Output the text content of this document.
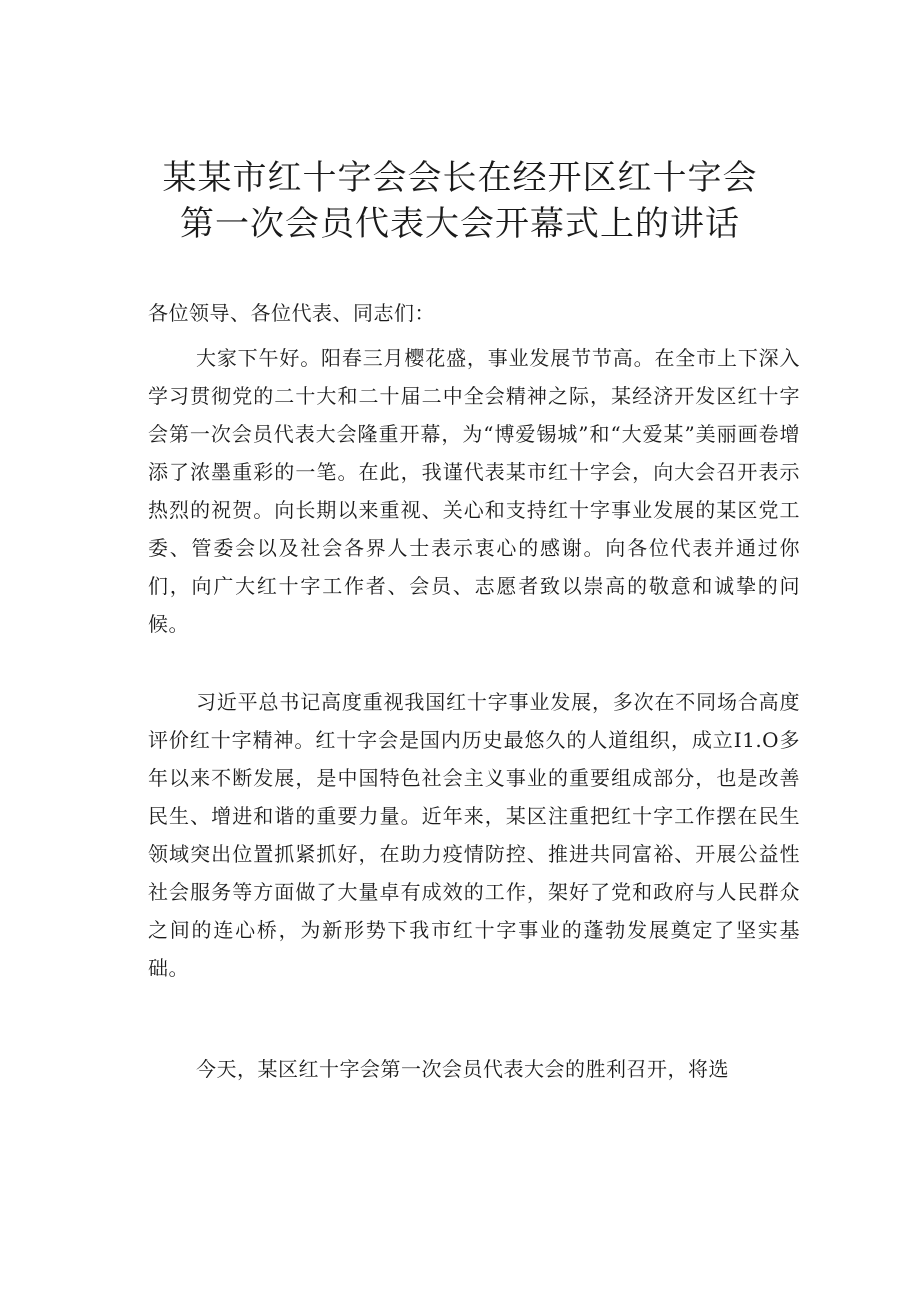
某某市红十字会会长在经开区红十字会
第一次会员代表大会开幕式上的讲话

各位领导、各位代表、同志们：

大家下午好。阳春三月樱花盛，事业发展节节高。在全市上下深入学习贯彻党的二十大和二十届二中全会精神之际，某经济开发区红十字会第一次会员代表大会隆重开幕，为“博爱锡城”和“大爱某”美丽画卷增添了浓墨重彩的一笔。在此，我谨代表某市红十字会，向大会召开表示热烈的祝贺。向长期以来重视、关心和支持红十字事业发展的某区党工委、管委会以及社会各界人士表示衷心的感谢。向各位代表并通过你们，向广大红十字工作者、会员、志愿者致以崇高的敬意和诚挚的问候。

习近平总书记高度重视我国红十字事业发展，多次在不同场合高度评价红十字精神。红十字会是国内历史最悠久的人道组织，成立I1.O多年以来不断发展，是中国特色社会主义事业的重要组成部分，也是改善民生、增进和谐的重要力量。近年来，某区注重把红十字工作摆在民生领域突出位置抓紧抓好，在助力疫情防控、推进共同富裕、开展公益性社会服务等方面做了大量卓有成效的工作，架好了党和政府与人民群众之间的连心桥，为新形势下我市红十字事业的蓬勃发展奠定了坚实基础。

今天，某区红十字会第一次会员代表大会的胜利召开，将选
